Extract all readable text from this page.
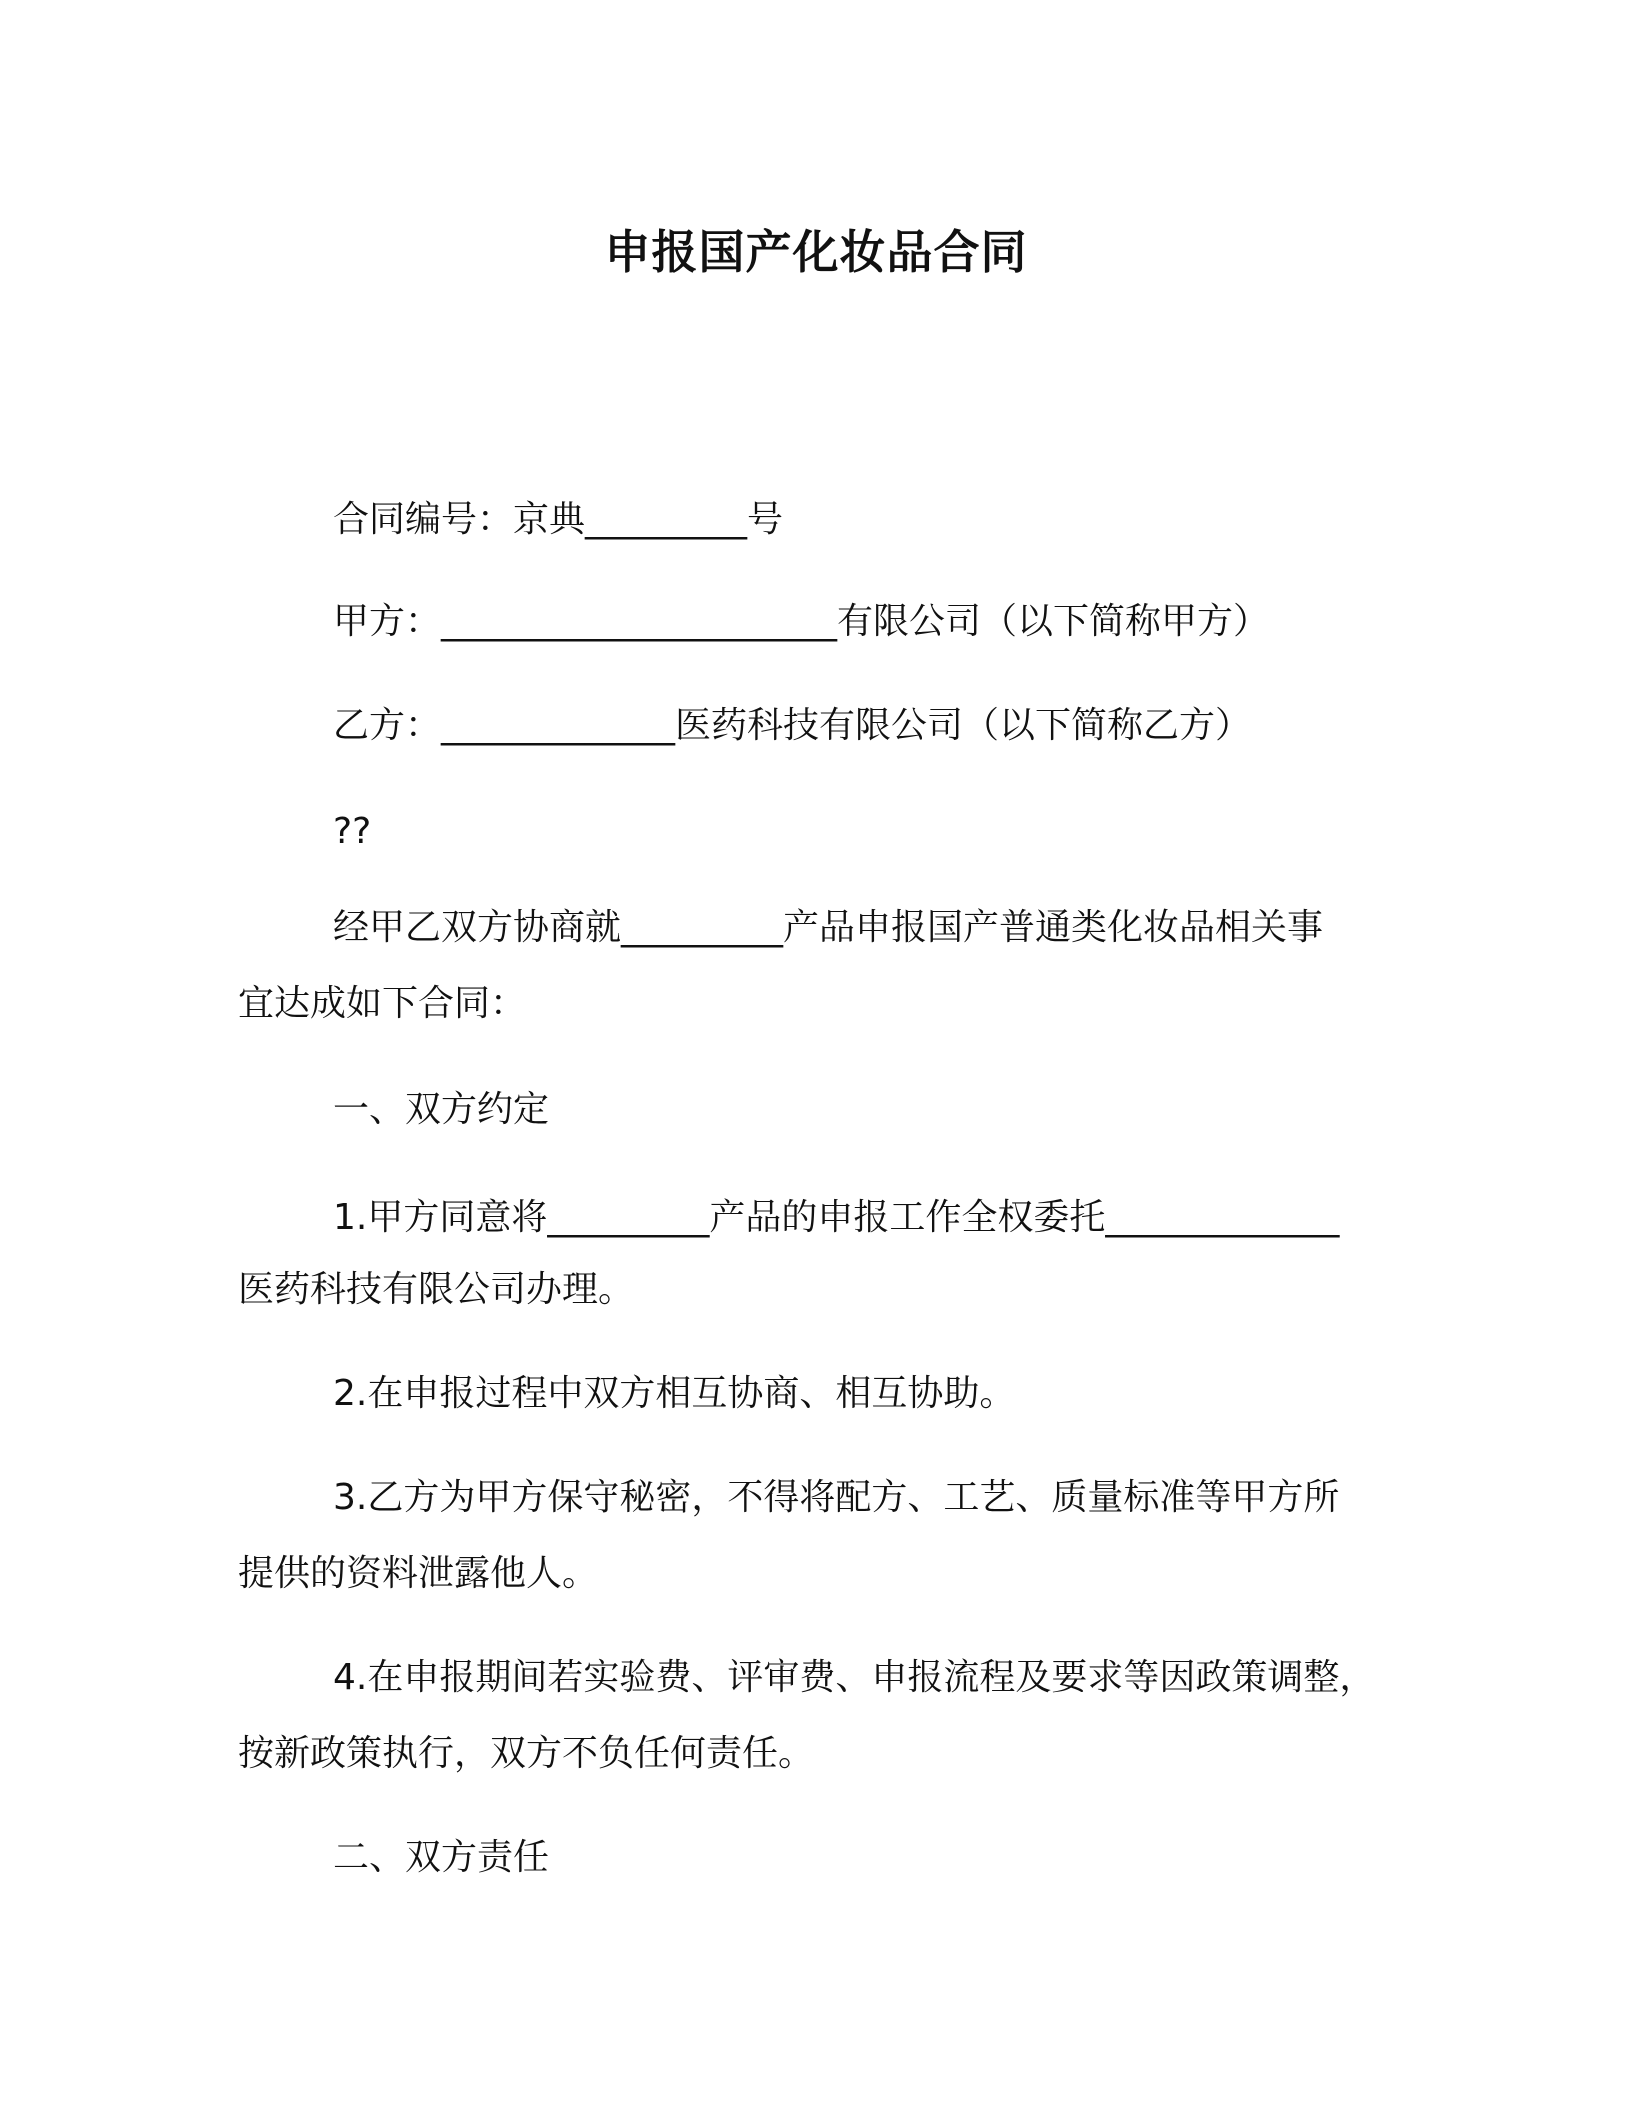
申报国产化妆品合同
合同编号：京典_________号
甲方：______________________有限公司（以下简称甲方）
乙方：_____________医药科技有限公司（以下简称乙方）
??
经甲乙双方协商就_________产品申报国产普通类化妆品相关事
宜达成如下合同：
一、双方约定
1.甲方同意将_________产品的申报工作全权委托_____________
医药科技有限公司办理。
2.在申报过程中双方相互协商、相互协助。
3.乙方为甲方保守秘密，不得将配方、工艺、质量标准等甲方所
提供的资料泄露他人。
4.在申报期间若实验费、评审费、申报流程及要求等因政策调整，
按新政策执行，双方不负任何责任。
二、双方责任
